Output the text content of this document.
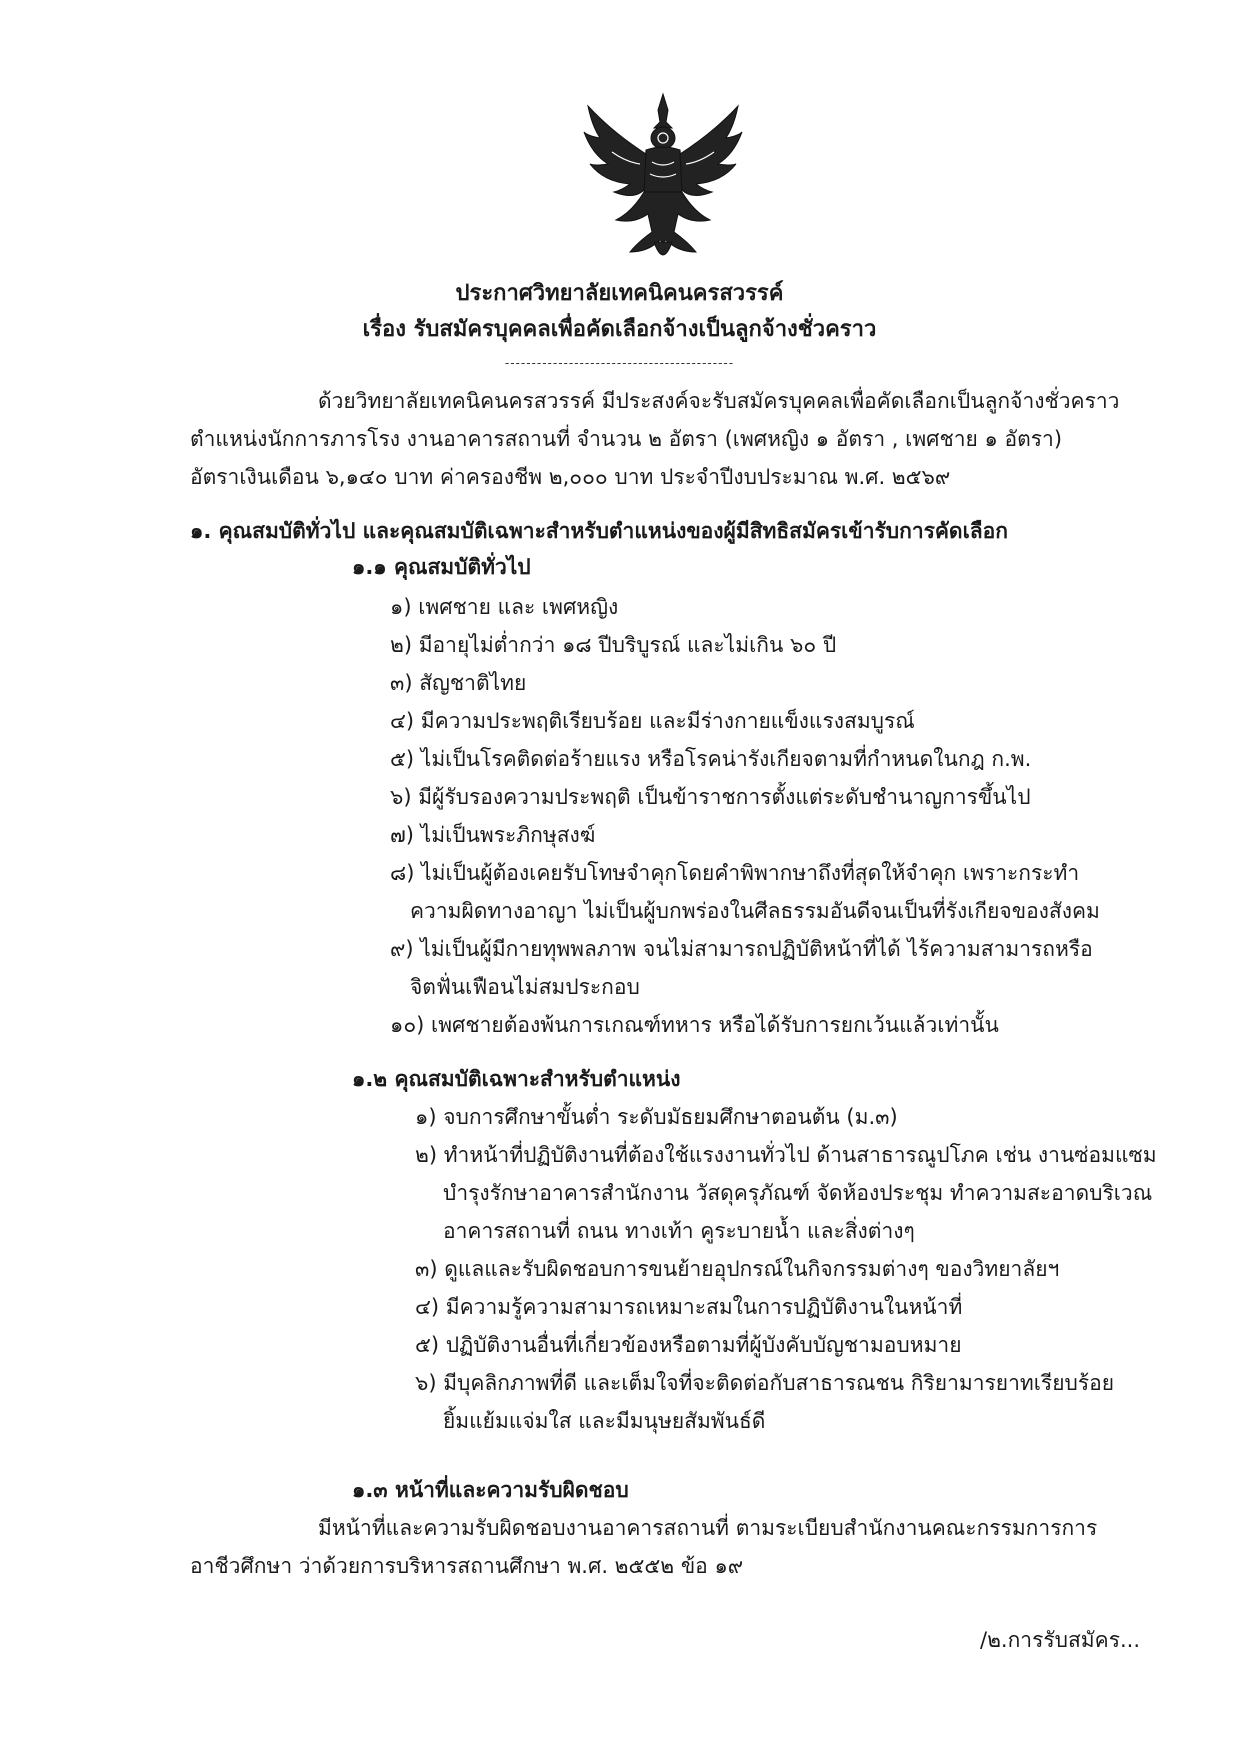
ประกาศวิทยาลัยเทคนิคนครสวรรค์
เรื่อง รับสมัครบุคคลเพื่อคัดเลือกจ้างเป็นลูกจ้างชั่วคราว
-------------------------------------------
ด้วยวิทยาลัยเทคนิคนครสวรรค์ มีประสงค์จะรับสมัครบุคคลเพื่อคัดเลือกเป็นลูกจ้างชั่วคราว
ตำแหน่งนักการภารโรง งานอาคารสถานที่ จำนวน ๒ อัตรา (เพศหญิง ๑ อัตรา , เพศชาย ๑ อัตรา)
อัตราเงินเดือน ๖,๑๔๐ บาท ค่าครองชีพ ๒,๐๐๐ บาท ประจำปีงบประมาณ พ.ศ. ๒๕๖๙
๑. คุณสมบัติทั่วไป และคุณสมบัติเฉพาะสำหรับตำแหน่งของผู้มีสิทธิสมัครเข้ารับการคัดเลือก
๑.๑ คุณสมบัติทั่วไป
๑) เพศชาย และ เพศหญิง
๒) มีอายุไม่ต่ำกว่า ๑๘ ปีบริบูรณ์ และไม่เกิน ๖๐ ปี
๓) สัญชาติไทย
๔) มีความประพฤติเรียบร้อย และมีร่างกายแข็งแรงสมบูรณ์
๕) ไม่เป็นโรคติดต่อร้ายแรง หรือโรคน่ารังเกียจตามที่กำหนดในกฎ ก.พ.
๖) มีผู้รับรองความประพฤติ เป็นข้าราชการตั้งแต่ระดับชำนาญการขึ้นไป
๗) ไม่เป็นพระภิกษุสงฆ์
๘) ไม่เป็นผู้ต้องเคยรับโทษจำคุกโดยคำพิพากษาถึงที่สุดให้จำคุก เพราะกระทำ
ความผิดทางอาญา ไม่เป็นผู้บกพร่องในศีลธรรมอันดีจนเป็นที่รังเกียจของสังคม
๙) ไม่เป็นผู้มีกายทุพพลภาพ จนไม่สามารถปฏิบัติหน้าที่ได้ ไร้ความสามารถหรือ
จิตฟั่นเฟือนไม่สมประกอบ
๑๐) เพศชายต้องพ้นการเกณฑ์ทหาร หรือได้รับการยกเว้นแล้วเท่านั้น
๑.๒ คุณสมบัติเฉพาะสำหรับตำแหน่ง
๑) จบการศึกษาขั้นต่ำ ระดับมัธยมศึกษาตอนต้น (ม.๓)
๒) ทำหน้าที่ปฏิบัติงานที่ต้องใช้แรงงานทั่วไป ด้านสาธารณูปโภค เช่น งานซ่อมแซม
บำรุงรักษาอาคารสำนักงาน วัสดุครุภัณฑ์ จัดห้องประชุม ทำความสะอาดบริเวณ
อาคารสถานที่ ถนน ทางเท้า คูระบายน้ำ และสิ่งต่างๆ
๓) ดูแลและรับผิดชอบการขนย้ายอุปกรณ์ในกิจกรรมต่างๆ ของวิทยาลัยฯ
๔) มีความรู้ความสามารถเหมาะสมในการปฏิบัติงานในหน้าที่
๕) ปฏิบัติงานอื่นที่เกี่ยวข้องหรือตามที่ผู้บังคับบัญชามอบหมาย
๖) มีบุคลิกภาพที่ดี และเต็มใจที่จะติดต่อกับสาธารณชน กิริยามารยาทเรียบร้อย
ยิ้มแย้มแจ่มใส และมีมนุษยสัมพันธ์ดี
๑.๓ หน้าที่และความรับผิดชอบ
มีหน้าที่และความรับผิดชอบงานอาคารสถานที่ ตามระเบียบสำนักงานคณะกรรมการการ
อาชีวศึกษา ว่าด้วยการบริหารสถานศึกษา พ.ศ. ๒๕๕๒ ข้อ ๑๙
/๒.การรับสมัคร...
